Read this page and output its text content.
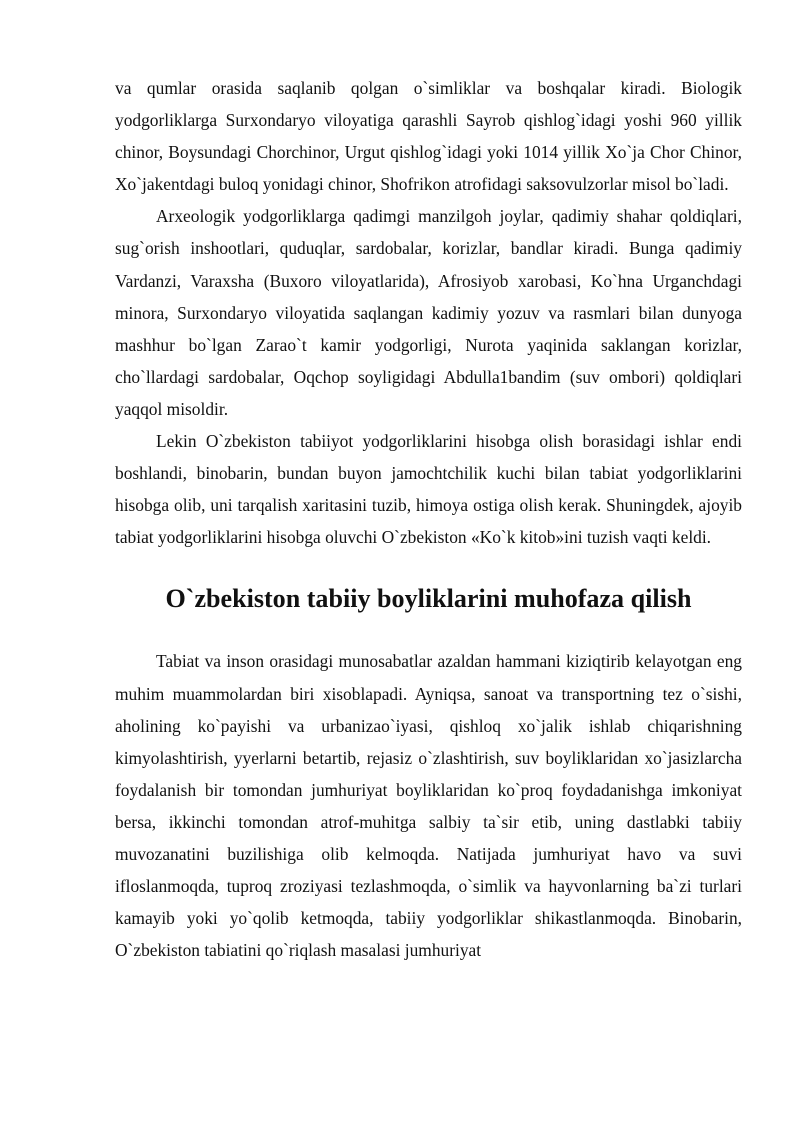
va qumlar orasida saqlanib qolgan o`simliklar va boshqalar kiradi. Biologik yodgorliklarga Surxondaryo viloyatiga qarashli Sayrob qishlog`idagi yoshi 960 yillik chinor, Boysundagi Chorchinor, Urgut qishlog`idagi yoki 1014 yillik Xo`ja Chor Chinor, Xo`jakentdagi buloq yonidagi chinor, Shofrikon atrofidagi saksovulzorlar misol bo`ladi.

Arxeologik yodgorliklarga qadimgi manzilgoh joylar, qadimiy shahar qoldiqlari, sug`orish inshootlari, quduqlar, sardobalar, korizlar, bandlar kiradi. Bunga qadimiy Vardanzi, Varaxsha (Buxoro viloyatlarida), Afrosiyob xarobasi, Ko`hna Urganchdagi minora, Surxondaryo viloyatida saqlangan kadimiy yozuv va rasmlari bilan dunyoga mashhur bo`lgan Zarao`t kamir yodgorligi, Nurota yaqinida saklangan korizlar, cho`llardagi sardobalar, Oqchop soyligidagi Abdulla1bandim (suv ombori) qoldiqlari yaqqol misoldir.

Lekin O`zbekiston tabiiyot yodgorliklarini hisobga olish borasidagi ishlar endi boshlandi, binobarin, bundan buyon jamochtchilik kuchi bilan tabiat yodgorliklarini hisobga olib, uni tarqalish xaritasini tuzib, himoya ostiga olish kerak. Shuningdek, ajoyib tabiat yodgorliklarini hisobga oluvchi O`zbekiston «Ko`k kitob»ini tuzish vaqti keldi.

O`zbekiston tabiiy boyliklarini muhofaza qilish

Tabiat va inson orasidagi munosabatlar azaldan hammani kiziqtirib kelayotgan eng muhim muammolardan biri xisoblapadi. Ayniqsa, sanoat va transportning tez o`sishi, aholining ko`payishi va urbanizao`iyasi, qishloq xo`jalik ishlab chiqarishning kimyolashtirish, yyerlarni betartib, rejasiz o`zlashtirish, suv boyliklaridan xo`jasizlarcha foydalanish bir tomondan jumhuriyat boyliklaridan ko`proq foydadanishga imkoniyat bersa, ikkinchi tomondan atrof-muhitga salbiy ta`sir etib, uning dastlabki tabiiy muvozanatini buzilishiga olib kelmoqda. Natijada jumhuriyat havo va suvi ifloslanmoqda, tuproq zroziyasi tezlashmoqda, o`simlik va hayvonlarning ba`zi turlari kamayib yoki yo`qolib ketmoqda, tabiiy yodgorliklar shikastlanmoqda. Binobarin, O`zbekiston tabiatini qo`riqlash masalasi jumhuriyat
